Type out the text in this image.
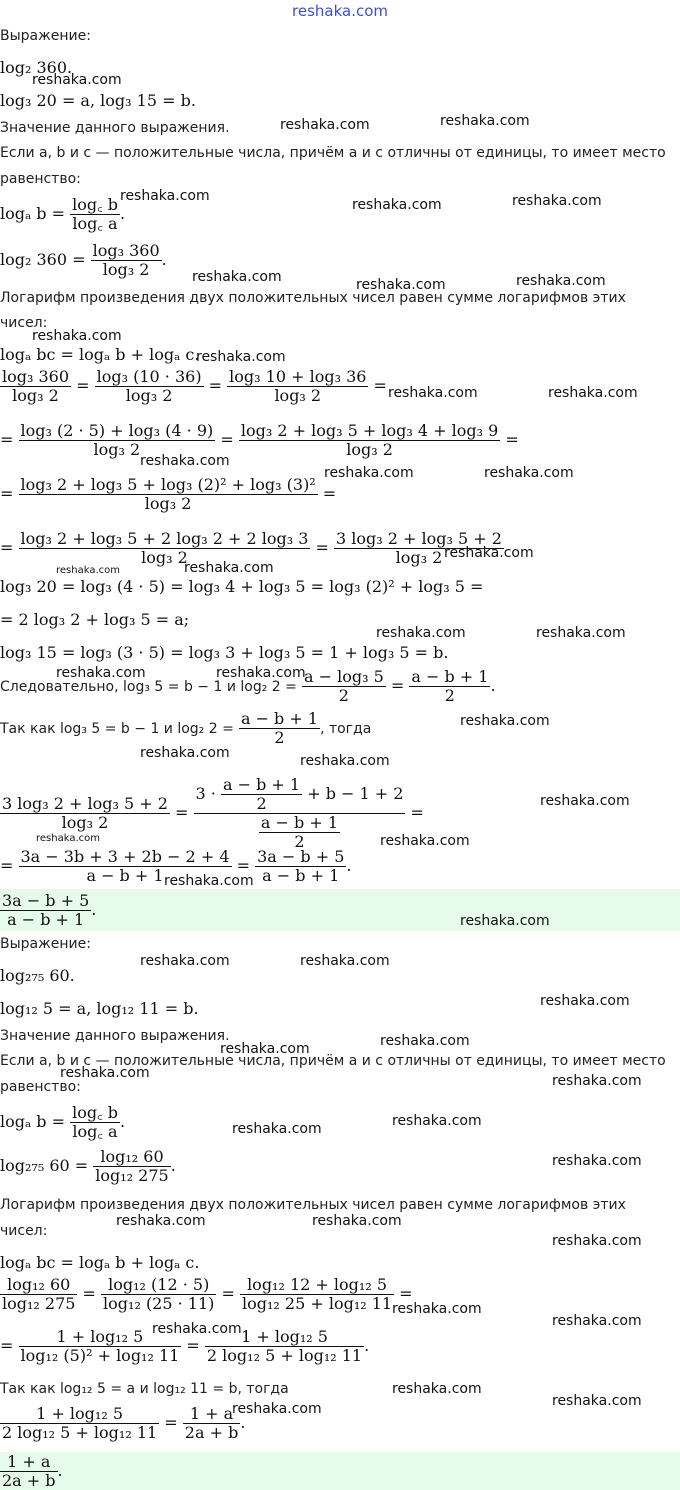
reshaka.com
Выражение:
log₂ 360.
log₃ 20 = a, log₃ 15 = b.
Значение данного выражения.
Если a, b и c — положительные числа, причём a и c отличны от единицы, то имеет место
равенство:
logₐ $b = \frac{\log꜀ b}{\log꜀ a}$ .
log₂ $360 = \frac{\text{log₃ 360}}{\text{log₃ 2}}$ .
Логарифм произведения двух положительных чисел равен сумме логарифмов этих
чисел:
logₐ bc = logₐ b + logₐ c.
$\frac{\text{log₃ 360}}{\text{log₃ 2}} = \frac{\text{log₃ (10 · 36)}}{\text{log₃ 2}} = \frac{\text{log₃ 10 + log₃ 36}}{\text{log₃ 2}}$ =
= $\frac{\text{log₃ (2 · 5) + log₃ (4 · 9)}}{\text{log₃ 2}} = \frac{\text{log₃ 2 + log₃ 5 + log₃ 4 + log₃ 9}}{\text{log₃ 2}}$ =
= $\frac{\text{log₃ 2 + log₃ 5 + log₃ (2)² + log₃ (3)²}}{\text{log₃ 2}}$ =
= $\frac{\text{log₃ 2 + log₃ 5 + 2 log₃ 2 + 2 log₃ 3}}{\text{log₃ 2}} = \frac{\text{3 log₃ 2 + log₃ 5 + 2}}{\text{log₃ 2}}$
log₃ 20 = log₃ (4 · 5) = log₃ 4 + log₃ 5 = log₃ (2)² + log₃ 5 =
= 2 log₃ 2 + log₃ 5 = a;
log₃ 15 = log₃ (3 · 5) = log₃ 3 + log₃ 5 = 1 + log₃ 5 = b.
Следовательно, log₃ 5 = b − 1 и log₂ $2 = \frac{\text{a − log₃ 5}}{2} = \frac{a - b + 1}{2}$ .
Так как log₃ 5 = b − 1 и log₂ $2 = \frac{a - b + 1}{2}$ , тогда
$\frac{\text{3 log₃ 2 + log₃ 5 + 2}}{\text{log₃ 2}} = \frac{3 \cdot \frac{a - b + 1}{2} + b - 1 + 2}{\frac{a - b + 1}{2}}$ =
= $\frac{3a - 3b + 3 + 2b - 2 + 4}{a - b + 1} = \frac{3a - b + 5}{a - b + 1}$ .
$\frac{3a - b + 5}{a - b + 1}$ .
Выражение:
log₂₇₅ 60.
log₁₂ 5 = a, log₁₂ 11 = b.
Значение данного выражения.
Если a, b и c — положительные числа, причём a и c отличны от единицы, то имеет место
равенство:
logₐ $b = \frac{\log꜀ b}{\log꜀ a}$ .
log₂₇₅ $60 = \frac{\text{log₁₂ 60}}{\text{log₁₂ 275}}$ .
Логарифм произведения двух положительных чисел равен сумме логарифмов этих
чисел:
logₐ bc = logₐ b + logₐ c.
$\frac{\text{log₁₂ 60}}{\text{log₁₂ 275}} = \frac{\text{log₁₂ (12 · 5)}}{\text{log₁₂ (25 · 11)}} = \frac{\text{log₁₂ 12 + log₁₂ 5}}{\text{log₁₂ 25 + log₁₂ 11}}$ =
= $\frac{\text{1 + log₁₂ 5}}{\text{log₁₂ (5)² + log₁₂ 11}} = \frac{\text{1 + log₁₂ 5}}{\text{2 log₁₂ 5 + log₁₂ 11}}$ .
Так как log₁₂ 5 = a и log₁₂ 11 = b, тогда
$\frac{\text{1 + log₁₂ 5}}{\text{2 log₁₂ 5 + log₁₂ 11}} = \frac{1 + a}{2a + b}$ .
$\frac{1 + a}{2a + b}$ .
reshaka.com
reshaka.com	reshaka.com
reshaka.com
reshaka.com	reshaka.com
reshaka.com	reshaka.com	reshaka.com
reshaka.com
reshaka.com
reshaka.com	reshaka.com
reshaka.com
reshaka.com	reshaka.com
reshaka.com
reshaka.com
reshaka.com
reshaka.com	reshaka.com
reshaka.com	reshaka.com
reshaka.com
reshaka.com	reshaka.com
reshaka.com
reshaka.com	reshaka.com
reshaka.com
reshaka.com
reshaka.com	reshaka.com
reshaka.com
reshaka.com
reshaka.com
reshaka.com	reshaka.com
reshaka.com	reshaka.com
reshaka.com
reshaka.com	reshaka.com
reshaka.com
reshaka.com
reshaka.com
reshaka.com
reshaka.com
reshaka.com
reshaka.com
